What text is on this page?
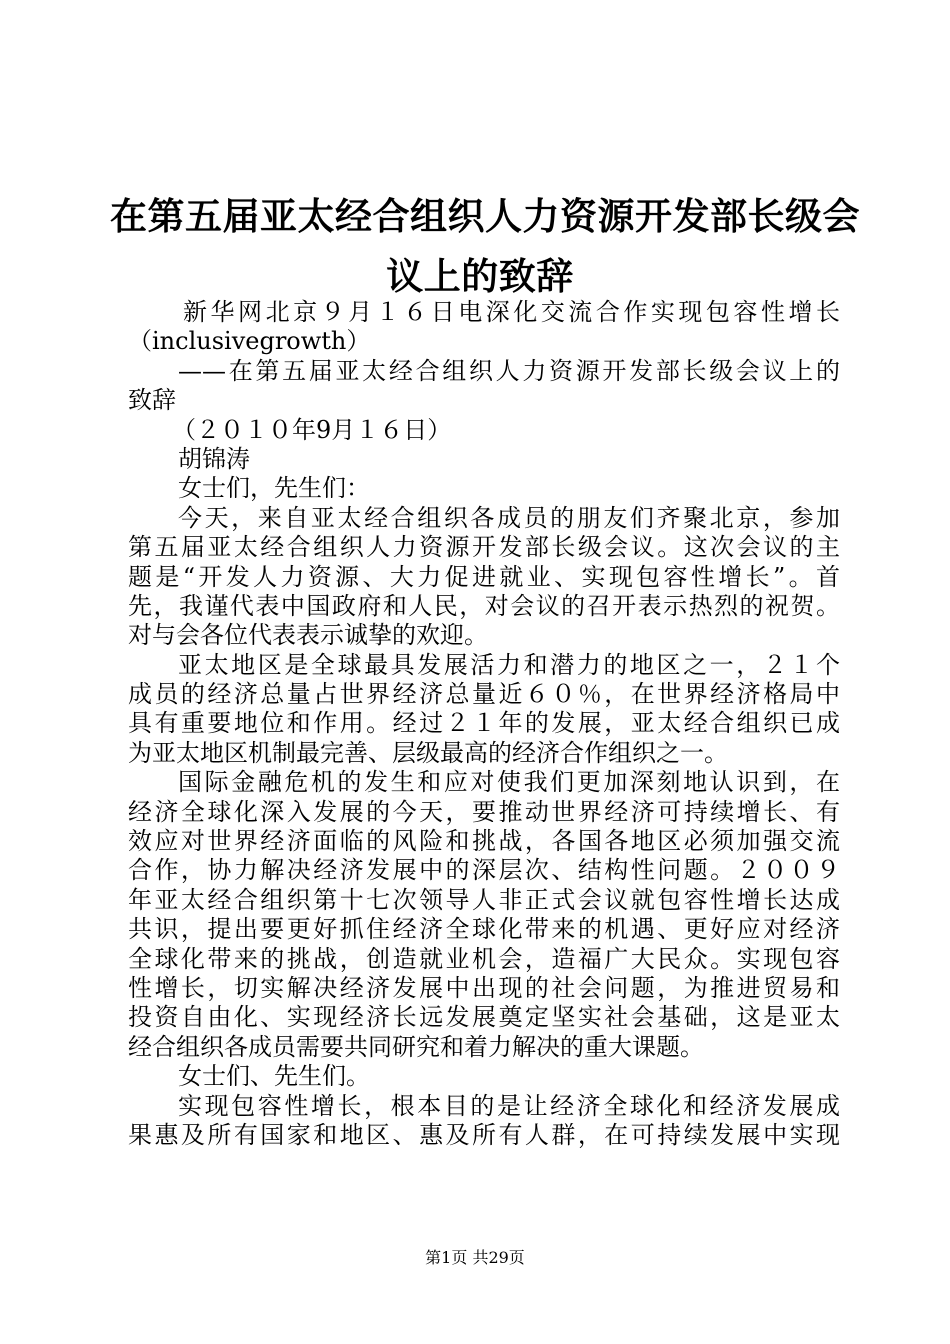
在第五届亚太经合组织人力资源开发部长级会
议上的致辞
新华网北京９月１６日电深化交流合作实现包容性增长
（inclusivegrowth）
——在第五届亚太经合组织人力资源开发部长级会议上的
致辞
（２０１０年9月１６日）
胡锦涛
女士们，先生们：
今天，来自亚太经合组织各成员的朋友们齐聚北京，参加
第五届亚太经合组织人力资源开发部长级会议。这次会议的主
题是“开发人力资源、大力促进就业、实现包容性增长”。首
先，我谨代表中国政府和人民，对会议的召开表示热烈的祝贺。
对与会各位代表表示诚挚的欢迎。
亚太地区是全球最具发展活力和潜力的地区之一，２１个
成员的经济总量占世界经济总量近６０％，在世界经济格局中
具有重要地位和作用。经过２１年的发展，亚太经合组织已成
为亚太地区机制最完善、层级最高的经济合作组织之一。
国际金融危机的发生和应对使我们更加深刻地认识到，在
经济全球化深入发展的今天，要推动世界经济可持续增长、有
效应对世界经济面临的风险和挑战，各国各地区必须加强交流
合作，协力解决经济发展中的深层次、结构性问题。２００９
年亚太经合组织第十七次领导人非正式会议就包容性增长达成
共识，提出要更好抓住经济全球化带来的机遇、更好应对经济
全球化带来的挑战，创造就业机会，造福广大民众。实现包容
性增长，切实解决经济发展中出现的社会问题，为推进贸易和
投资自由化、实现经济长远发展奠定坚实社会基础，这是亚太
经合组织各成员需要共同研究和着力解决的重大课题。
女士们、先生们。
实现包容性增长，根本目的是让经济全球化和经济发展成
果惠及所有国家和地区、惠及所有人群，在可持续发展中实现
第1页 共29页
